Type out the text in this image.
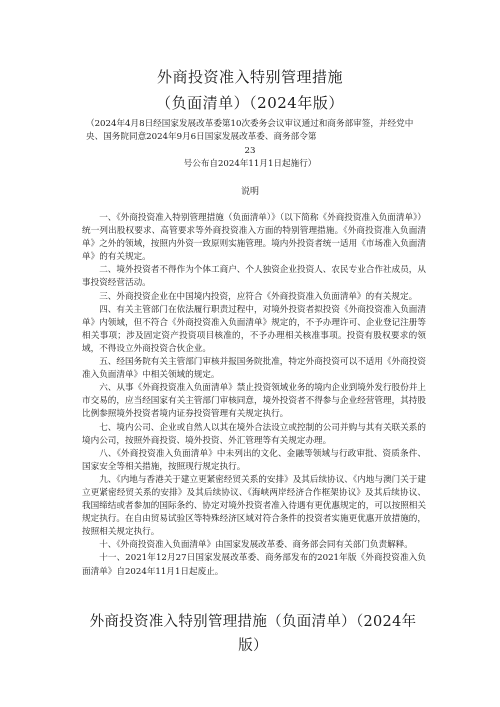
外商投资准入特别管理措施
（负面清单）（2024年版）
（2024年4月8日经国家发展改革委第10次委务会议审议通过和商务部审签，并经党中央、国务院同意2024年9月6日国家发展改革委、商务部令第
23
号公布自2024年11月1日起施行）
说明

一、《外商投资准入特别管理措施（负面清单）》（以下简称《外商投资准入负面清单》）统一列出股权要求、高管要求等外商投资准入方面的特别管理措施。《外商投资准入负面清单》之外的领域，按照内外资一致原则实施管理。境内外投资者统一适用《市场准入负面清单》的有关规定。

二、境外投资者不得作为个体工商户、个人独资企业投资人、农民专业合作社成员，从事投资经营活动。

三、外商投资企业在中国境内投资，应符合《外商投资准入负面清单》的有关规定。

四、有关主管部门在依法履行职责过程中，对境外投资者拟投资《外商投资准入负面清单》内领域，但不符合《外商投资准入负面清单》规定的，不予办理许可、企业登记注册等相关事项；涉及固定资产投资项目核准的，不予办理相关核准事项。投资有股权要求的领域，不得设立外商投资合伙企业。

五、经国务院有关主管部门审核并报国务院批准，特定外商投资可以不适用《外商投资准入负面清单》中相关领域的规定。

六、从事《外商投资准入负面清单》禁止投资领域业务的境内企业到境外发行股份并上市交易的，应当经国家有关主管部门审核同意，境外投资者不得参与企业经营管理，其持股比例参照境外投资者境内证券投资管理有关规定执行。

七、境内公司、企业或自然人以其在境外合法设立或控制的公司并购与其有关联关系的境内公司，按照外商投资、境外投资、外汇管理等有关规定办理。

八、《外商投资准入负面清单》中未列出的文化、金融等领域与行政审批、资质条件、国家安全等相关措施，按照现行规定执行。

九、《内地与香港关于建立更紧密经贸关系的安排》及其后续协议、《内地与澳门关于建立更紧密经贸关系的安排》及其后续协议、《海峡两岸经济合作框架协议》及其后续协议、我国缔结或者参加的国际条约、协定对境外投资者准入待遇有更优惠规定的，可以按照相关规定执行。在自由贸易试验区等特殊经济区域对符合条件的投资者实施更优惠开放措施的，按照相关规定执行。

十、《外商投资准入负面清单》由国家发展改革委、商务部会同有关部门负责解释。

十一、2021年12月27日国家发展改革委、商务部发布的2021年版《外商投资准入负面清单》自2024年11月1日起废止。

外商投资准入特别管理措施（负面清单）（2024年版）
